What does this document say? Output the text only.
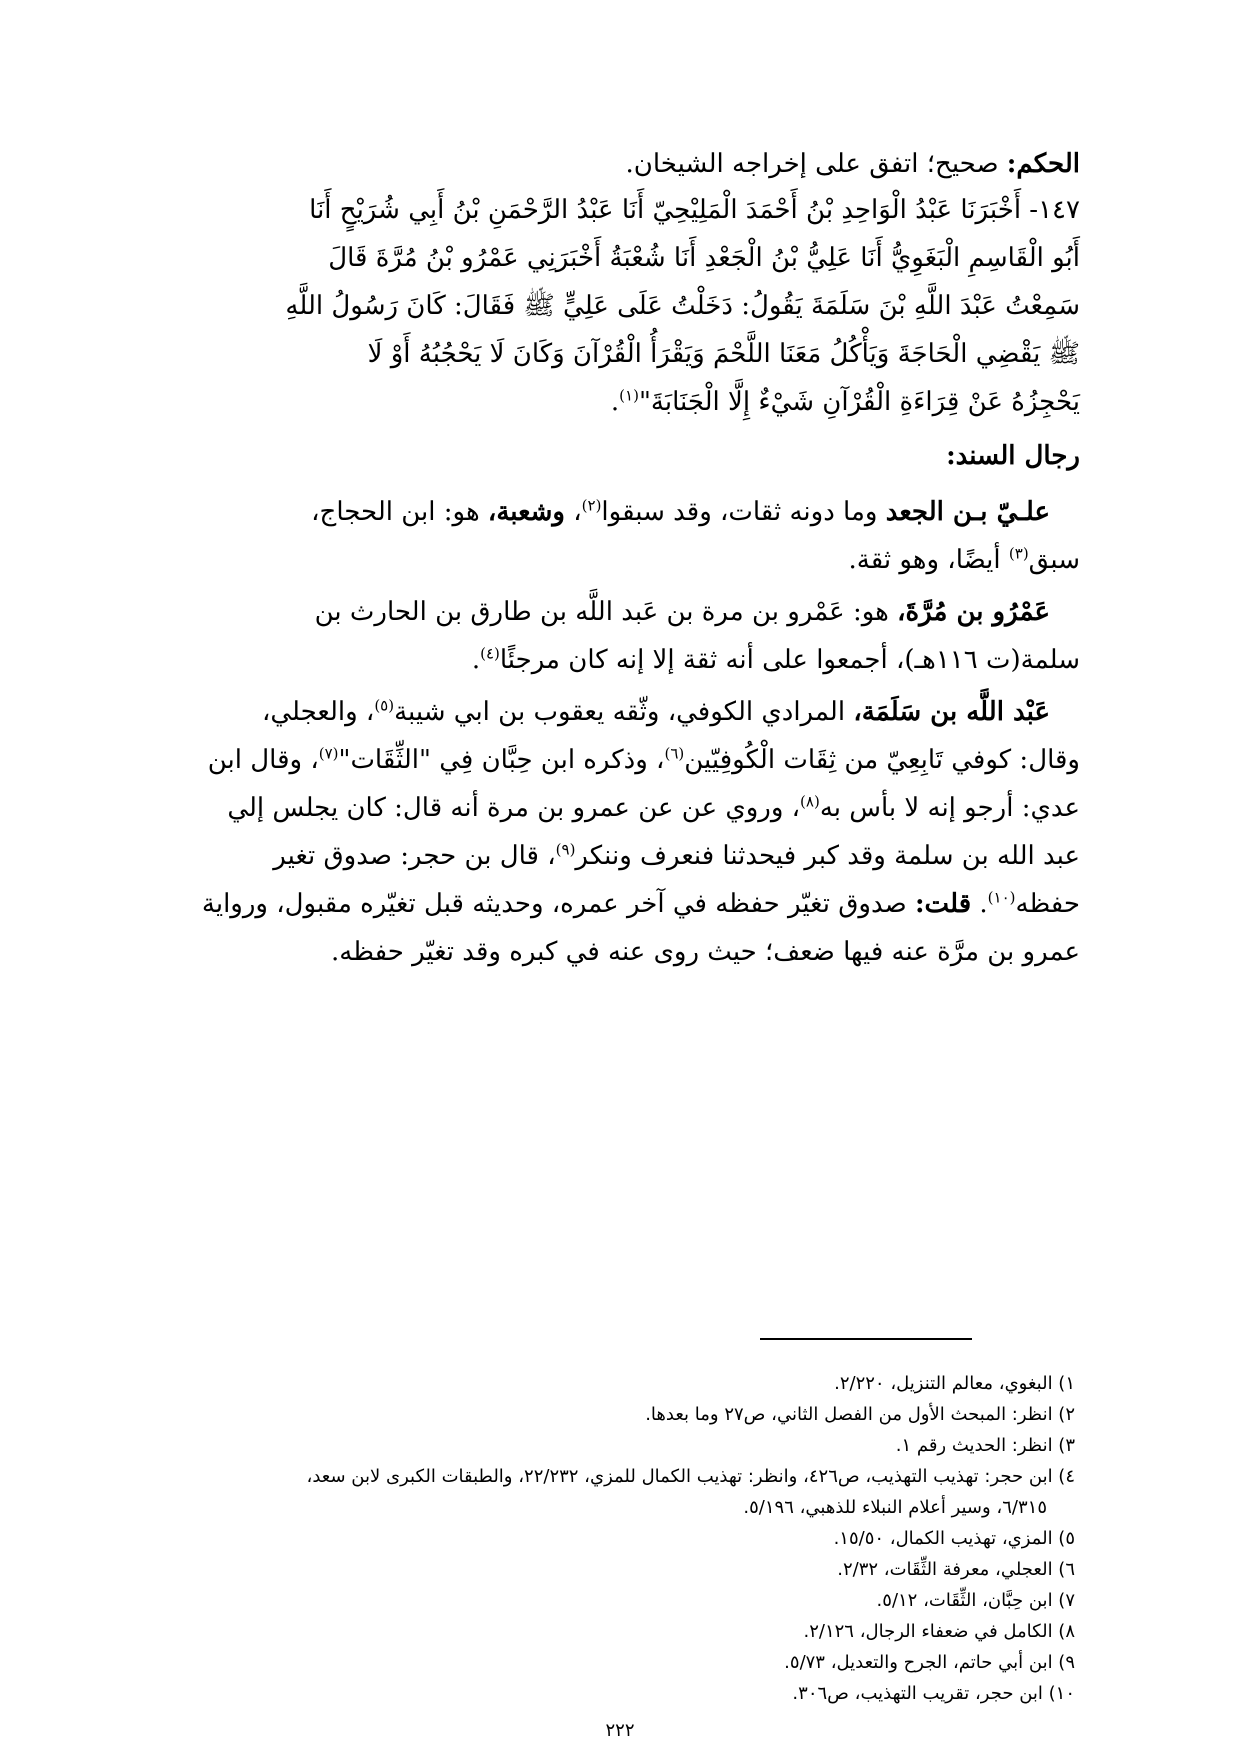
الحكم: صحيح؛ اتفق على إخراجه الشيخان.

١٤٧- أَخْبَرَنَا عَبْدُ الْوَاحِدِ بْنُ أَحْمَدَ الْمَلِيْحِيّ أَنَا عَبْدُ الرَّحْمَنِ بْنُ أَبِي شُرَيْحٍ أَنَا

أَبُو الْقَاسِمِ الْبَغَوِيُّ أَنَا عَلِيُّ بْنُ الْجَعْدِ أَنَا شُعْبَةُ أَخْبَرَنِي عَمْرُو بْنُ مُرَّةَ قَالَ

سَمِعْتُ عَبْدَ اللَّهِ بْنَ سَلَمَةَ يَقُولُ: دَخَلْتُ عَلَى عَلِيٍّ ﷺ فَقَالَ: كَانَ رَسُولُ اللَّهِ

ﷺ يَقْضِي الْحَاجَةَ وَيَأْكُلُ مَعَنَا اللَّحْمَ وَيَقْرَأُ الْقُرْآنَ وَكَانَ لَا يَحْجُبُهُ أَوْ لَا

يَحْجِزُهُ عَنْ قِرَاءَةِ الْقُرْآنِ شَيْءٌ إِلَّا الْجَنَابَةَ"$^{(١)}$.

رجال السند:

علـيّ بـن الجعد وما دونه ثقات، وقد سبقوا$^{(٢)}$، وشعبة، هو: ابن الحجاج،

سبق$^{(٣)}$ أيضًا، وهو ثقة.

عَمْرُو بن مُرَّةَ، هو: عَمْرو بن مرة بن عَبد اللَّه بن طارق بن الحارث بن

سلمة(ت ١١٦هـ)، أجمعوا على أنه ثقة إلا إنه كان مرجئًا$^{(٤)}$.

عَبْد اللَّه بن سَلَمَة، المرادي الكوفي، وثّقه يعقوب بن ابي شيبة$^{(٥)}$، والعجلي،

وقال: كوفي تَابِعِيّ من ثِقَات الْكُوفِيّين$^{(٦)}$، وذكره ابن حِبَّان فِي "الثِّقَات"$^{(٧)}$، وقال ابن

عدي: أرجو إنه لا بأس به$^{(٨)}$، وروي عن عن عمرو بن مرة أنه قال: كان يجلس إلي

عبد الله بن سلمة وقد كبر فيحدثنا فنعرف وننكر$^{(٩)}$، قال بن حجر: صدوق تغير

حفظه$^{(١٠)}$. قلت: صدوق تغيّر حفظه في آخر عمره، وحديثه قبل تغيّره مقبول، ورواية

عمرو بن مرَّة عنه فيها ضعف؛ حيث روى عنه في كبره وقد تغيّر حفظه.

١) البغوي، معالم التنزيل، ٢/٢٢٠.

٢) انظر: المبحث الأول من الفصل الثاني، ص٢٧ وما بعدها.

٣) انظر: الحديث رقم ١.

٤) ابن حجر: تهذيب التهذيب، ص٤٢٦، وانظر: تهذيب الكمال للمزي، ٢٢/٢٣٢، والطبقات الكبرى لابن سعد،

٦/٣١٥، وسير أعلام النبلاء للذهبي، ٥/١٩٦.

٥) المزي، تهذيب الكمال، ١٥/٥٠.

٦) العجلي، معرفة الثِّقَات، ٢/٣٢.

٧) ابن حِبَّان، الثِّقَات، ٥/١٢.

٨) الكامل في ضعفاء الرجال، ٢/١٢٦.

٩) ابن أبي حاتم، الجرح والتعديل، ٥/٧٣.

١٠) ابن حجر، تقريب التهذيب، ص٣٠٦.

٢٢٢
